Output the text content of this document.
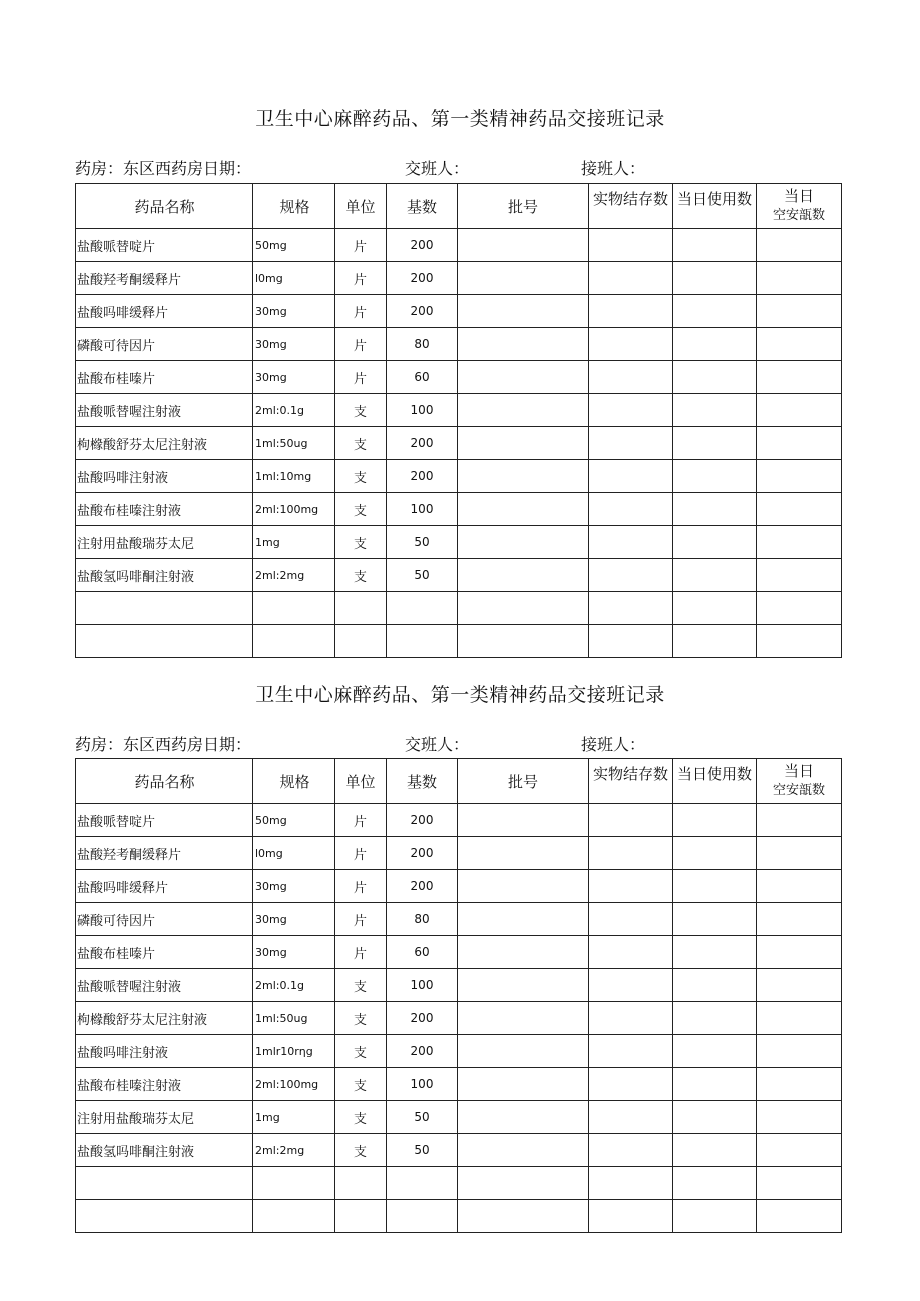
卫生中心麻醉药品、第一类精神药品交接班记录
药房：东区西药房日期：	交班人：	接班人：
药品名称	规格	单位	基数	批号	实物结存数	当日使用数	当日
空安瓿数

盐酸哌替啶片	50mg	片	200				
盐酸羟考酮缓释片	l0mg	片	200				
盐酸吗啡缓释片	30mg	片	200				
磷酸可待因片	30mg	片	80				
盐酸布桂嗪片	30mg	片	60				
盐酸哌替喔注射液	2ml:0.1g	支	100				
枸橼酸舒芬太尼注射液	1ml:50ug	支	200				
盐酸吗啡注射液	1ml:10mg	支	200				
盐酸布桂嗪注射液	2ml:100mg	支	100				
注射用盐酸瑞芬太尼	1mg	支	50				
盐酸氢吗啡酮注射液	2ml:2mg	支	50				

卫生中心麻醉药品、第一类精神药品交接班记录
药房：东区西药房日期：	交班人：	接班人：
药品名称	规格	单位	基数	批号	实物结存数	当日使用数	当日
空安瓿数

盐酸哌替啶片	50mg	片	200				
盐酸羟考酮缓释片	l0mg	片	200				
盐酸吗啡缓释片	30mg	片	200				
磷酸可待因片	30mg	片	80				
盐酸布桂嗪片	30mg	片	60				
盐酸哌替喔注射液	2ml:0.1g	支	100				
枸橼酸舒芬太尼注射液	1ml:50ug	支	200				
盐酸吗啡注射液	1mlr10rηg	支	200				
盐酸布桂嗪注射液	2ml:100mg	支	100				
注射用盐酸瑞芬太尼	1mg	支	50				
盐酸氢吗啡酮注射液	2ml:2mg	支	50				
